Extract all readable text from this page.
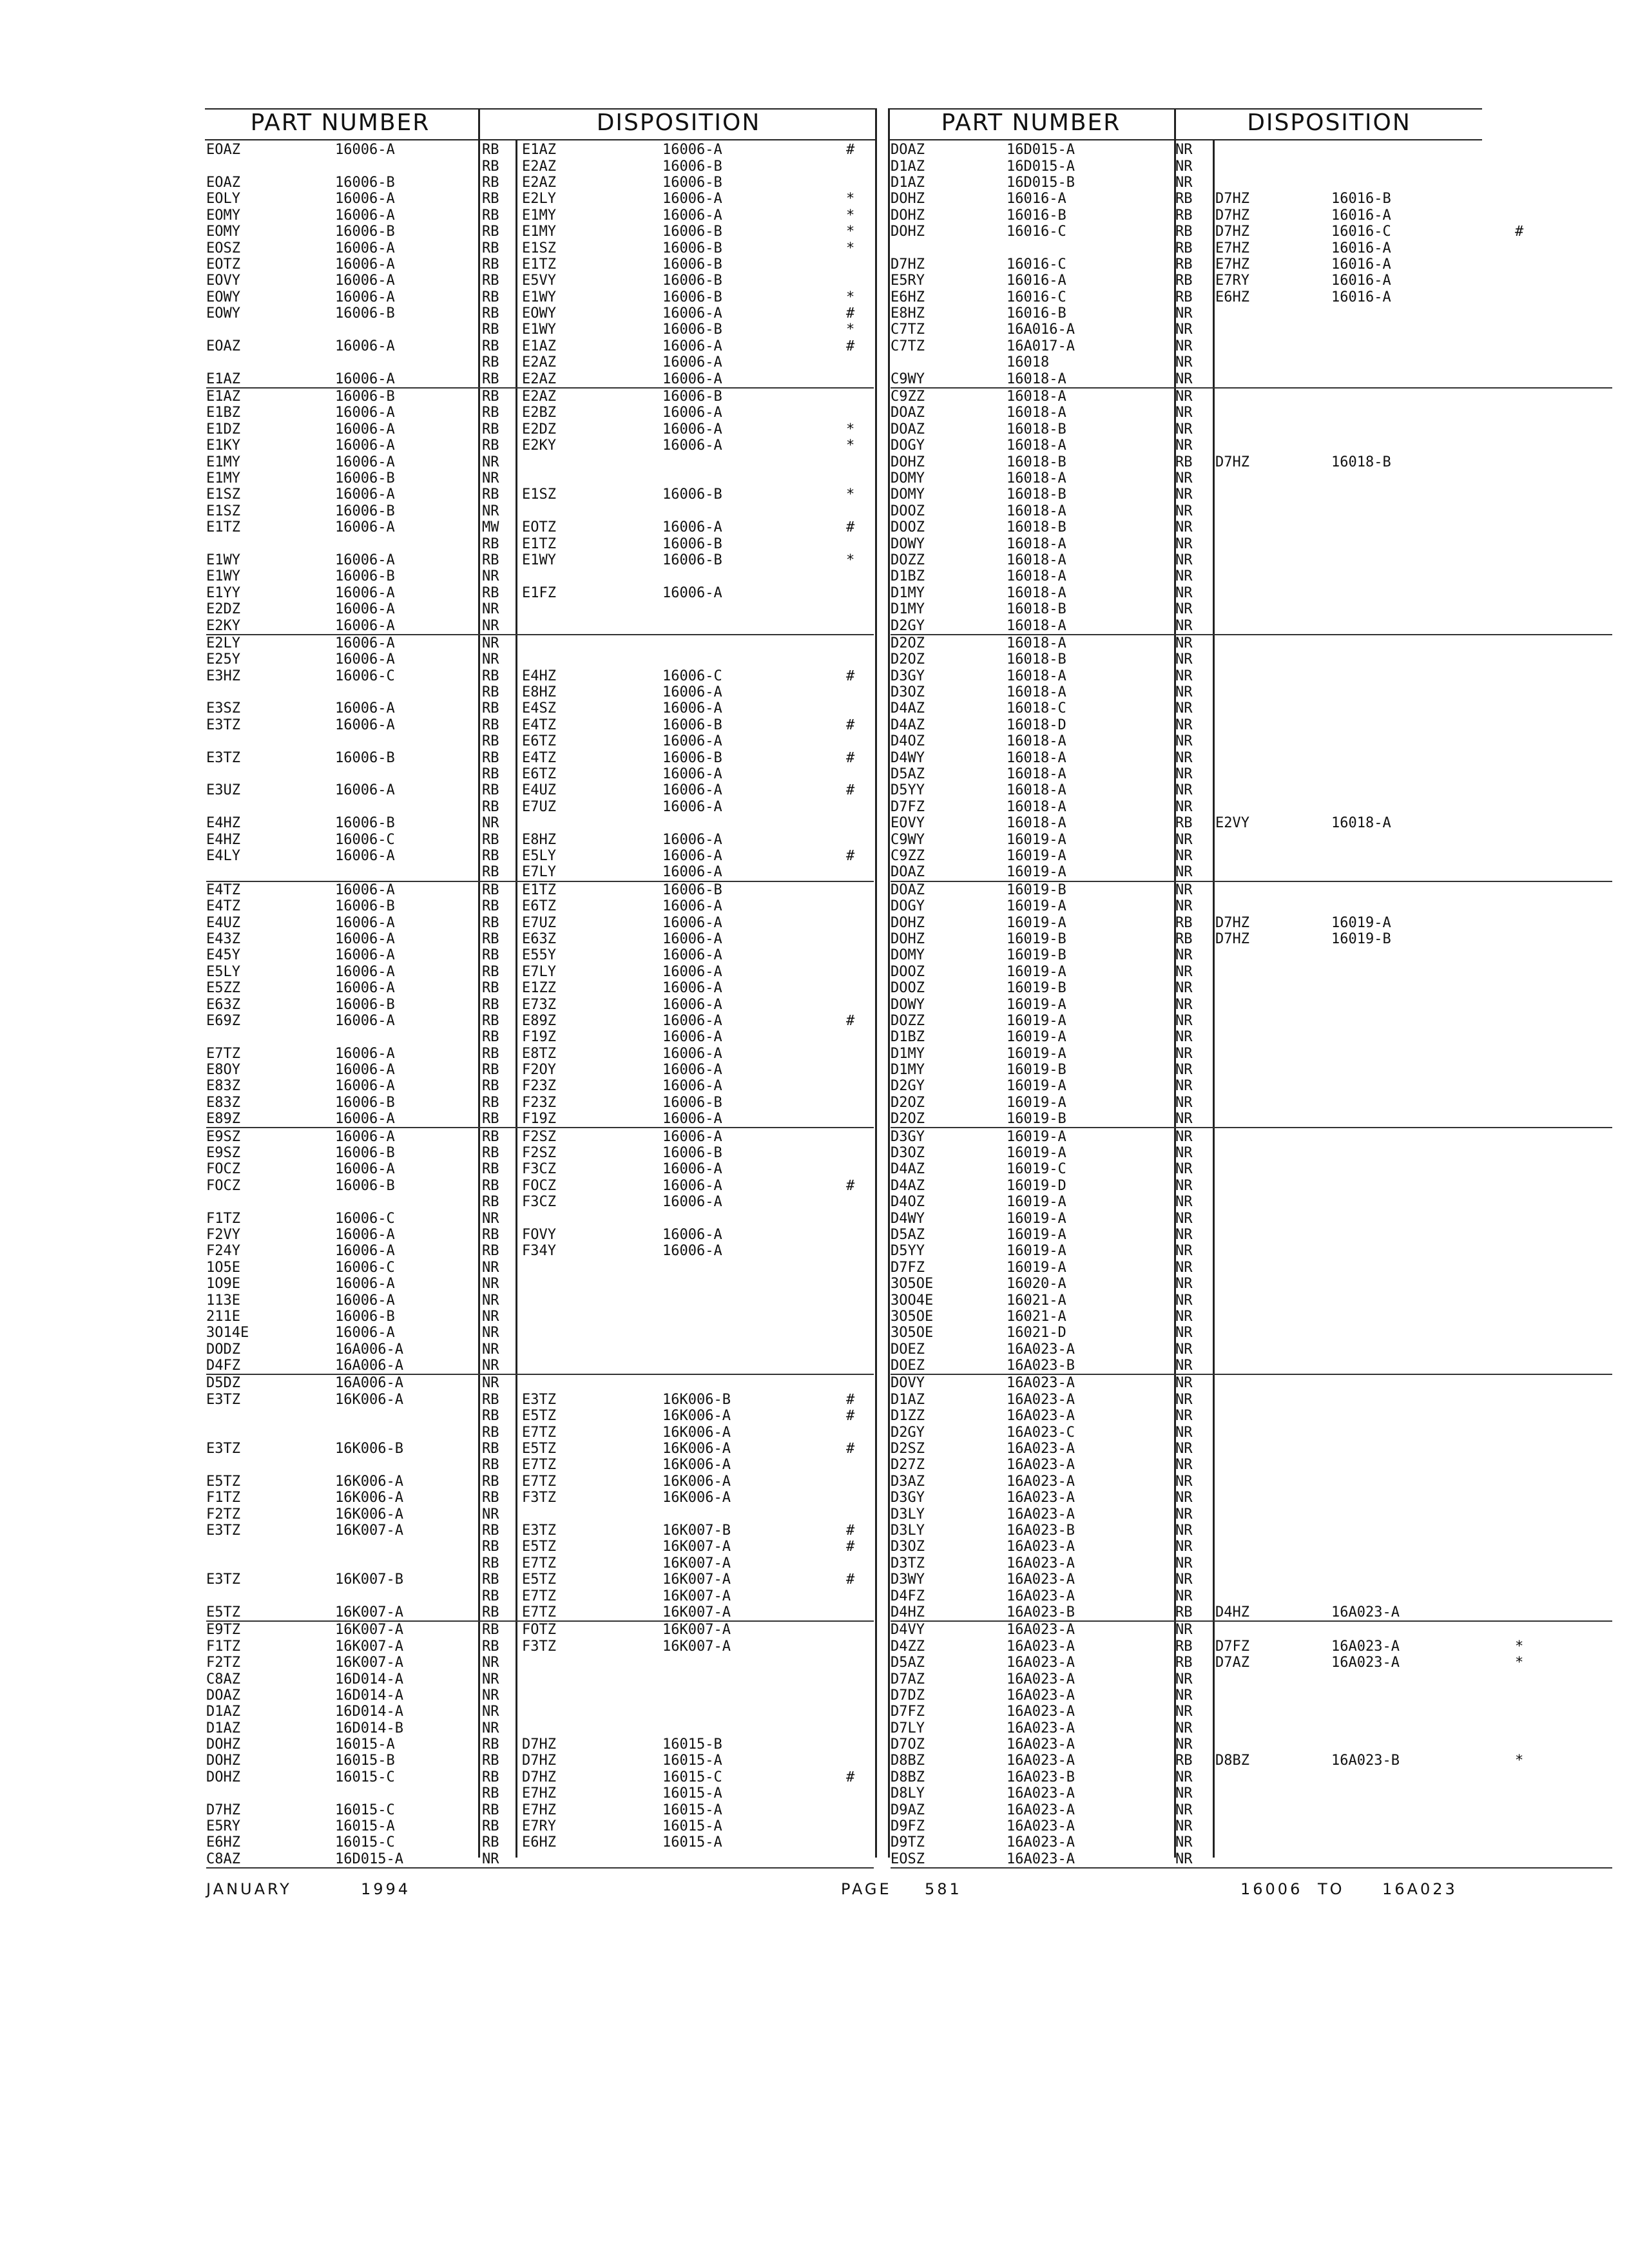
PART NUMBER	DISPOSITION	PART NUMBER	DISPOSITION
EOAZ	16006-A	RB	E1AZ	16006-A	#
RB	E2AZ	16006-B
EOAZ	16006-B	RB	E2AZ	16006-B
EOLY	16006-A	RB	E2LY	16006-A	*
EOMY	16006-A	RB	E1MY	16006-A	*
EOMY	16006-B	RB	E1MY	16006-B	*
EOSZ	16006-A	RB	E1SZ	16006-B	*
EOTZ	16006-A	RB	E1TZ	16006-B
EOVY	16006-A	RB	E5VY	16006-B
EOWY	16006-A	RB	E1WY	16006-B	*
EOWY	16006-B	RB	EOWY	16006-A	#
RB	E1WY	16006-B	*
EOAZ	16006-A	RB	E1AZ	16006-A	#
RB	E2AZ	16006-A
E1AZ	16006-A	RB	E2AZ	16006-A
E1AZ	16006-B	RB	E2AZ	16006-B
E1BZ	16006-A	RB	E2BZ	16006-A
E1DZ	16006-A	RB	E2DZ	16006-A	*
E1KY	16006-A	RB	E2KY	16006-A	*
E1MY	16006-A	NR
E1MY	16006-B	NR
E1SZ	16006-A	RB	E1SZ	16006-B	*
E1SZ	16006-B	NR
E1TZ	16006-A	MW	EOTZ	16006-A	#
RB	E1TZ	16006-B
E1WY	16006-A	RB	E1WY	16006-B	*
E1WY	16006-B	NR
E1YY	16006-A	RB	E1FZ	16006-A
E2DZ	16006-A	NR
E2KY	16006-A	NR
E2LY	16006-A	NR
E25Y	16006-A	NR
E3HZ	16006-C	RB	E4HZ	16006-C	#
RB	E8HZ	16006-A
E3SZ	16006-A	RB	E4SZ	16006-A
E3TZ	16006-A	RB	E4TZ	16006-B	#
RB	E6TZ	16006-A
E3TZ	16006-B	RB	E4TZ	16006-B	#
RB	E6TZ	16006-A
E3UZ	16006-A	RB	E4UZ	16006-A	#
RB	E7UZ	16006-A
E4HZ	16006-B	NR
E4HZ	16006-C	RB	E8HZ	16006-A
E4LY	16006-A	RB	E5LY	16006-A	#
RB	E7LY	16006-A
E4TZ	16006-A	RB	E1TZ	16006-B
E4TZ	16006-B	RB	E6TZ	16006-A
E4UZ	16006-A	RB	E7UZ	16006-A
E43Z	16006-A	RB	E63Z	16006-A
E45Y	16006-A	RB	E55Y	16006-A
E5LY	16006-A	RB	E7LY	16006-A
E5ZZ	16006-A	RB	E1ZZ	16006-A
E63Z	16006-B	RB	E73Z	16006-A
E69Z	16006-A	RB	E89Z	16006-A	#
RB	F19Z	16006-A
E7TZ	16006-A	RB	E8TZ	16006-A
E8OY	16006-A	RB	F2OY	16006-A
E83Z	16006-A	RB	F23Z	16006-A
E83Z	16006-B	RB	F23Z	16006-B
E89Z	16006-A	RB	F19Z	16006-A
E9SZ	16006-A	RB	F2SZ	16006-A
E9SZ	16006-B	RB	F2SZ	16006-B
FOCZ	16006-A	RB	F3CZ	16006-A
FOCZ	16006-B	RB	FOCZ	16006-A	#
RB	F3CZ	16006-A
F1TZ	16006-C	NR
F2VY	16006-A	RB	FOVY	16006-A
F24Y	16006-A	RB	F34Y	16006-A
1O5E	16006-C	NR
1O9E	16006-A	NR
113E	16006-A	NR
211E	16006-B	NR
3O14E	16006-A	NR
DODZ	16A006-A	NR
D4FZ	16A006-A	NR
D5DZ	16A006-A	NR
E3TZ	16K006-A	RB	E3TZ	16K006-B	#
RB	E5TZ	16K006-A	#
RB	E7TZ	16K006-A
E3TZ	16K006-B	RB	E5TZ	16K006-A	#
RB	E7TZ	16K006-A
E5TZ	16K006-A	RB	E7TZ	16K006-A
F1TZ	16K006-A	RB	F3TZ	16K006-A
F2TZ	16K006-A	NR
E3TZ	16K007-A	RB	E3TZ	16K007-B	#
RB	E5TZ	16K007-A	#
RB	E7TZ	16K007-A
E3TZ	16K007-B	RB	E5TZ	16K007-A	#
RB	E7TZ	16K007-A
E5TZ	16K007-A	RB	E7TZ	16K007-A
E9TZ	16K007-A	RB	FOTZ	16K007-A
F1TZ	16K007-A	RB	F3TZ	16K007-A
F2TZ	16K007-A	NR
C8AZ	16D014-A	NR
DOAZ	16D014-A	NR
D1AZ	16D014-A	NR
D1AZ	16D014-B	NR
DOHZ	16015-A	RB	D7HZ	16015-B
DOHZ	16015-B	RB	D7HZ	16015-A
DOHZ	16015-C	RB	D7HZ	16015-C	#
RB	E7HZ	16015-A
D7HZ	16015-C	RB	E7HZ	16015-A
E5RY	16015-A	RB	E7RY	16015-A
E6HZ	16015-C	RB	E6HZ	16015-A
C8AZ	16D015-A	NR
DOAZ	16D015-A	NR
D1AZ	16D015-A	NR
D1AZ	16D015-B	NR
DOHZ	16016-A	RB	D7HZ	16016-B
DOHZ	16016-B	RB	D7HZ	16016-A
DOHZ	16016-C	RB	D7HZ	16016-C	#
RB	E7HZ	16016-A
D7HZ	16016-C	RB	E7HZ	16016-A
E5RY	16016-A	RB	E7RY	16016-A
E6HZ	16016-C	RB	E6HZ	16016-A
E8HZ	16016-B	NR
C7TZ	16A016-A	NR
C7TZ	16A017-A	NR
16018	NR
C9WY	16018-A	NR
C9ZZ	16018-A	NR
DOAZ	16018-A	NR
DOAZ	16018-B	NR
DOGY	16018-A	NR
DOHZ	16018-B	RB	D7HZ	16018-B
DOMY	16018-A	NR
DOMY	16018-B	NR
DOOZ	16018-A	NR
DOOZ	16018-B	NR
DOWY	16018-A	NR
DOZZ	16018-A	NR
D1BZ	16018-A	NR
D1MY	16018-A	NR
D1MY	16018-B	NR
D2GY	16018-A	NR
D2OZ	16018-A	NR
D2OZ	16018-B	NR
D3GY	16018-A	NR
D3OZ	16018-A	NR
D4AZ	16018-C	NR
D4AZ	16018-D	NR
D4OZ	16018-A	NR
D4WY	16018-A	NR
D5AZ	16018-A	NR
D5YY	16018-A	NR
D7FZ	16018-A	NR
EOVY	16018-A	RB	E2VY	16018-A
C9WY	16019-A	NR
C9ZZ	16019-A	NR
DOAZ	16019-A	NR
DOAZ	16019-B	NR
DOGY	16019-A	NR
DOHZ	16019-A	RB	D7HZ	16019-A
DOHZ	16019-B	RB	D7HZ	16019-B
DOMY	16019-B	NR
DOOZ	16019-A	NR
DOOZ	16019-B	NR
DOWY	16019-A	NR
DOZZ	16019-A	NR
D1BZ	16019-A	NR
D1MY	16019-A	NR
D1MY	16019-B	NR
D2GY	16019-A	NR
D2OZ	16019-A	NR
D2OZ	16019-B	NR
D3GY	16019-A	NR
D3OZ	16019-A	NR
D4AZ	16019-C	NR
D4AZ	16019-D	NR
D4OZ	16019-A	NR
D4WY	16019-A	NR
D5AZ	16019-A	NR
D5YY	16019-A	NR
D7FZ	16019-A	NR
3O5OE	16020-A	NR
3OO4E	16021-A	NR
3O5OE	16021-A	NR
3O5OE	16021-D	NR
DOEZ	16A023-A	NR
DOEZ	16A023-B	NR
DOVY	16A023-A	NR
D1AZ	16A023-A	NR
D1ZZ	16A023-A	NR
D2GY	16A023-C	NR
D2SZ	16A023-A	NR
D27Z	16A023-A	NR
D3AZ	16A023-A	NR
D3GY	16A023-A	NR
D3LY	16A023-A	NR
D3LY	16A023-B	NR
D3OZ	16A023-A	NR
D3TZ	16A023-A	NR
D3WY	16A023-A	NR
D4FZ	16A023-A	NR
D4HZ	16A023-B	RB	D4HZ	16A023-A
D4VY	16A023-A	NR
D4ZZ	16A023-A	RB	D7FZ	16A023-A	*
D5AZ	16A023-A	RB	D7AZ	16A023-A	*
D7AZ	16A023-A	NR
D7DZ	16A023-A	NR
D7FZ	16A023-A	NR
D7LY	16A023-A	NR
D7OZ	16A023-A	NR
D8BZ	16A023-A	RB	D8BZ	16A023-B	*
D8BZ	16A023-B	NR
D8LY	16A023-A	NR
D9AZ	16A023-A	NR
D9FZ	16A023-A	NR
D9TZ	16A023-A	NR
EOSZ	16A023-A	NR
JANUARY	1994	PAGE 581	16006 TO 16A023
